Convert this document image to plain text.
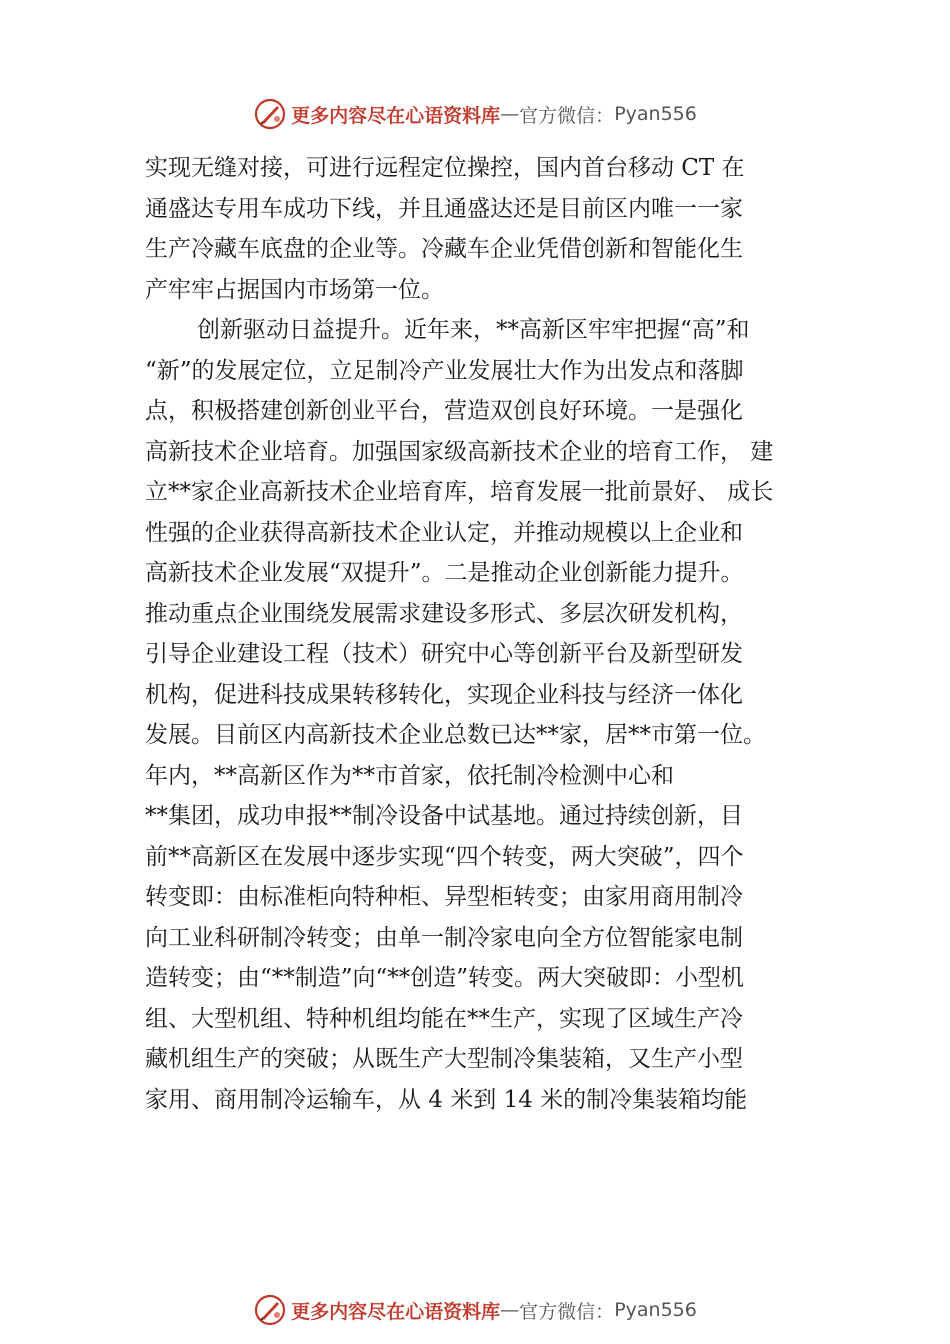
更多内容尽在心语资料库 — 官方微信： Pyan556
实现无缝对接，可进行远程定位操控，国内首台移动 CT 在
通盛达专用车成功下线，并且通盛达还是目前区内唯一一家
生产冷藏车底盘的企业等。冷藏车企业凭借创新和智能化生
产牢牢占据国内市场第一位。
创新驱动日益提升。近年来，**高新区牢牢把握“高”和
“新”的发展定位，立足制冷产业发展壮大作为出发点和落脚
点，积极搭建创新创业平台，营造双创良好环境。一是强化
高新技术企业培育。加强国家级高新技术企业的培育工作， 建
立**家企业高新技术企业培育库，培育发展一批前景好、 成长
性强的企业获得高新技术企业认定，并推动规模以上企业和
高新技术企业发展“双提升”。二是推动企业创新能力提升。
推动重点企业围绕发展需求建设多形式、多层次研发机构，
引导企业建设工程（技术）研究中心等创新平台及新型研发
机构，促进科技成果转移转化，实现企业科技与经济一体化
发展。目前区内高新技术企业总数已达**家，居**市第一位。
年内，**高新区作为**市首家，依托制冷检测中心和
**集团，成功申报**制冷设备中试基地。通过持续创新，目
前**高新区在发展中逐步实现“四个转变，两大突破”，四个
转变即：由标准柜向特种柜、异型柜转变；由家用商用制冷
向工业科研制冷转变；由单一制冷家电向全方位智能家电制
造转变；由“**制造”向“**创造”转变。两大突破即：小型机
组、大型机组、特种机组均能在**生产，实现了区域生产冷
藏机组生产的突破；从既生产大型制冷集装箱，又生产小型
家用、商用制冷运输车，从 4 米到 14 米的制冷集装箱均能
更多内容尽在心语资料库 — 官方微信： Pyan556
